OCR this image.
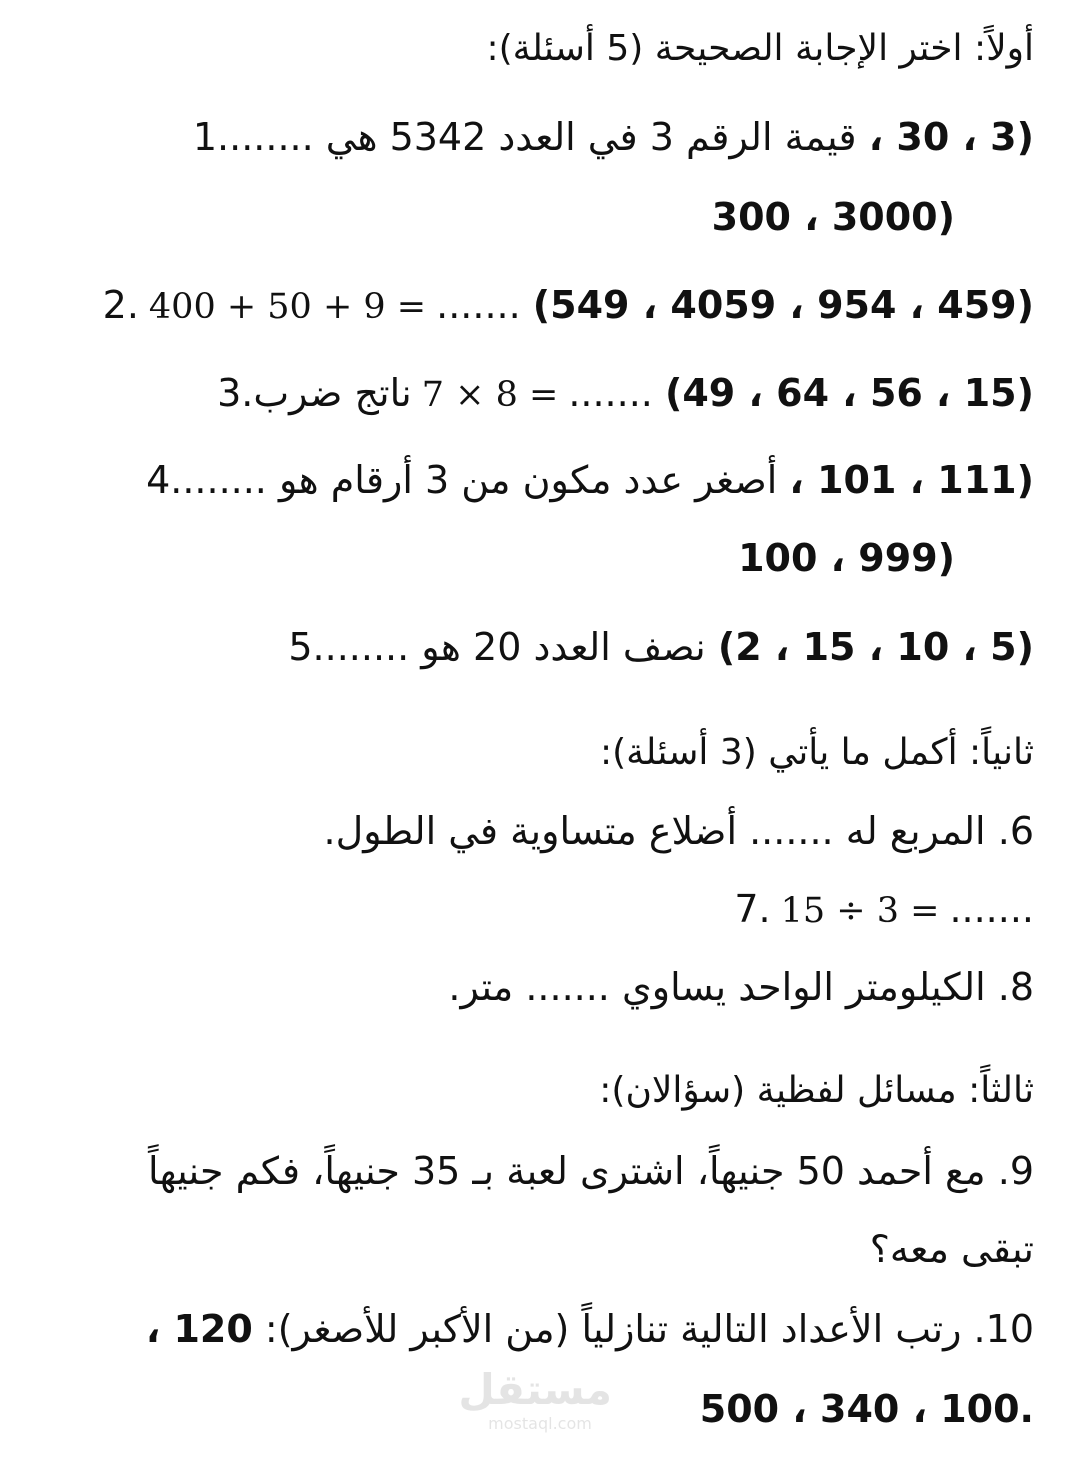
أولاً: اختر الإجابة الصحيحة (5 أسئلة):
1.قيمة الرقم 3 في العدد 5342 هي ....... (3 ، 30 ،
300 ، 3000)
2. 400 + 50 + 9 = ....... (459 ، 954 ، 4059 ، 549)
3.ناتج ضرب 7 × 8 = ....... (15 ، 56 ، 64 ، 49)
4.أصغر عدد مكون من 3 أرقام هو ....... (111 ، 101 ،
100 ، 999)
5.نصف العدد 20 هو ....... (5 ، 10 ، 15 ، 2)
ثانياً: أكمل ما يأتي (3 أسئلة):
6. المربع له ....... أضلاع متساوية في الطول.
7. 15 ÷ 3 = .......
8. الكيلومتر الواحد يساوي ....... متر.
ثالثاً: مسائل لفظية (سؤالان):
9. مع أحمد 50 جنيهاً، اشترى لعبة بـ 35 جنيهاً، فكم جنيهاً
تبقى معه؟
10. رتب الأعداد التالية تنازلياً (من الأكبر للأصغر): 120 ،
500 ، 340 ، 100.
مستقل
mostaql.com
